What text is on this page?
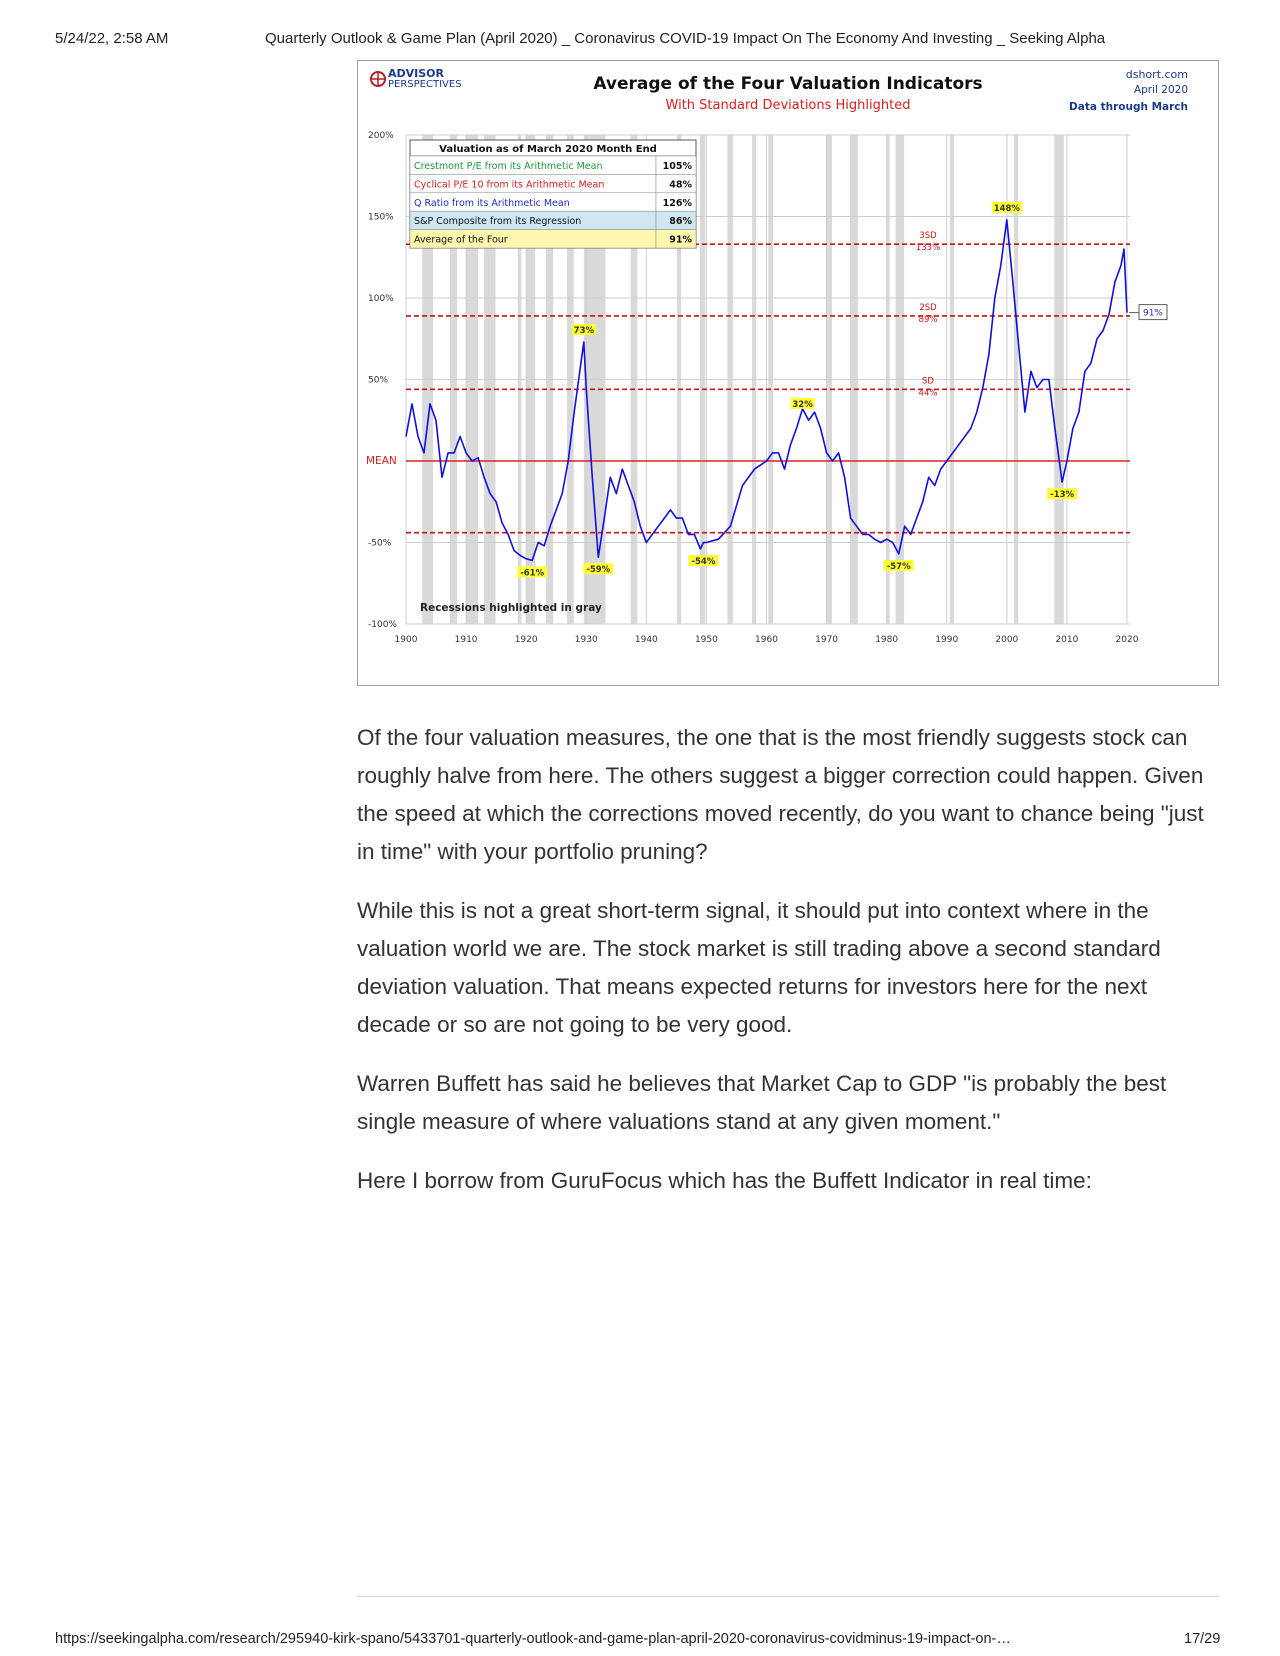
5/24/22, 2:58 AM	Quarterly Outlook & Game Plan (April 2020) _ Coronavirus COVID-19 Impact On The Economy And Investing _ Seeking Alpha
ADVISOR
PERSPECTIVES	Average of the Four Valuation Indicators
With Standard Deviations Highlighted
dshort.com
April 2020
Data through March
3SD
133%
2SD
89%
SD
44%
91%
73%
-61%	-59%
-54%
32%
-57%
148%
-13%
200%
150%
100%
50%
-50%
-100%
1900	1910	1920	1930	1940	1950	1960	1970	1980	1990	2000	2010	2020
Valuation as of March 2020 Month End
Crestmont P/E from its Arithmetic Mean	105%
Cyclical P/E 10 from its Arithmetic Mean	48%
Q Ratio from its Arithmetic Mean	126%
S&P Composite from its Regression	86%
Average of the Four	91%
Recessions highlighted in gray
MEAN
Of the four valuation measures, the one that is the most friendly suggests stock can roughly halve from here. The others suggest a bigger correction could happen. Given the speed at which the corrections moved recently, do you want to chance being "just in time" with your portfolio pruning?
While this is not a great short-term signal, it should put into context where in the valuation world we are. The stock market is still trading above a second standard deviation valuation. That means expected returns for investors here for the next decade or so are not going to be very good.
Warren Buffett has said he believes that Market Cap to GDP "is probably the best single measure of where valuations stand at any given moment."
Here I borrow from GuruFocus which has the Buffett Indicator in real time:
https://seekingalpha.com/research/295940-kirk-spano/5433701-quarterly-outlook-and-game-plan-april-2020-coronavirus-covidminus-19-impact-on-…	17/29
